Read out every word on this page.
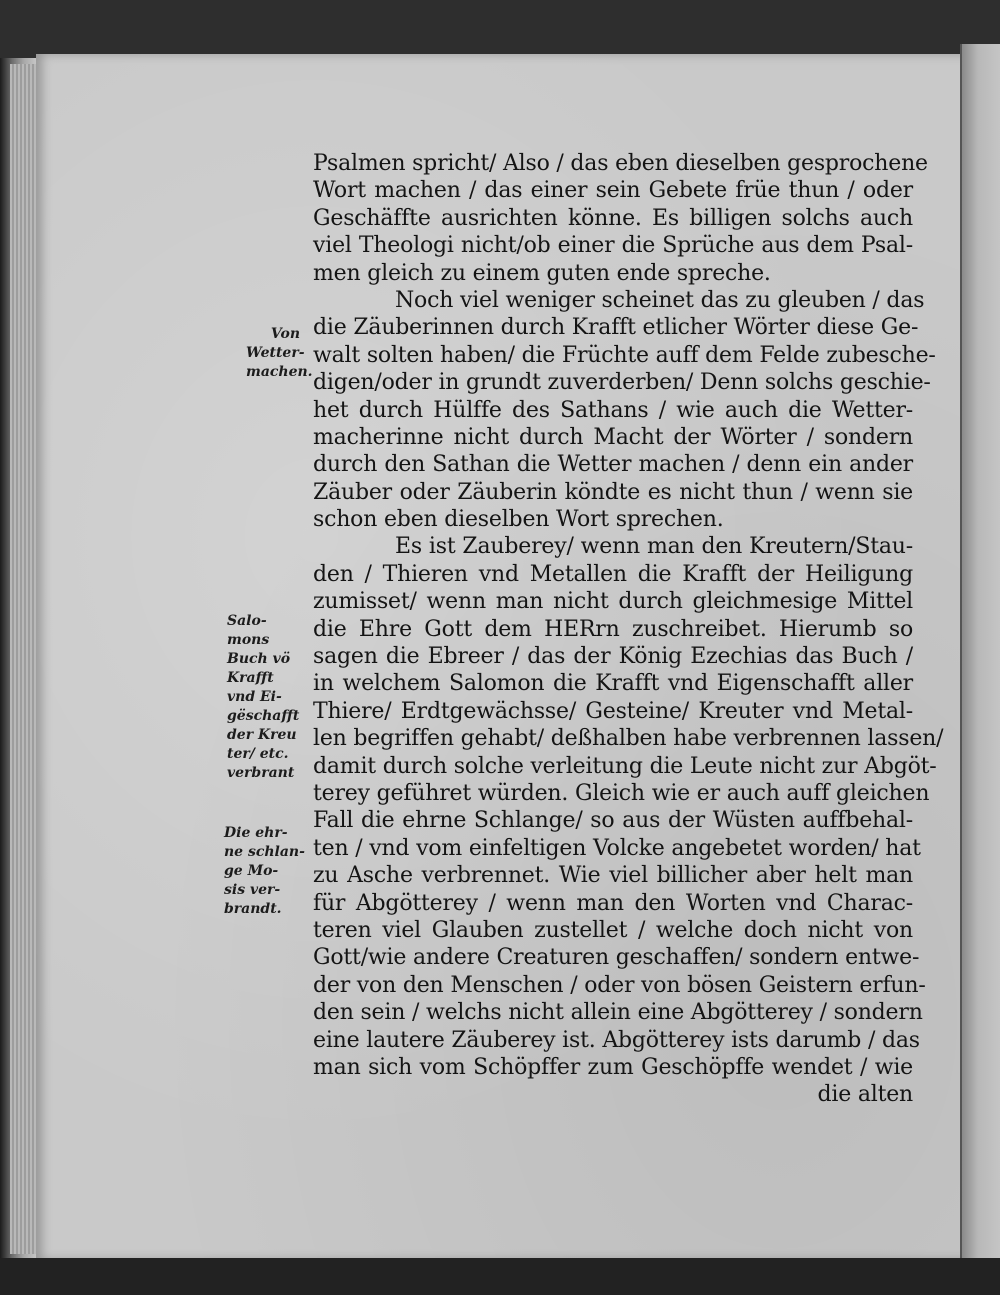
Von
Wetter-
machen.
Salo-
mons
Buch vö
Krafft
vnd Ei-
gëschafft
der Kreu
ter/ etc.
verbrant
Die ehr-
ne schlan-
ge Mo-
sis ver-
brandt.
Psalmen spricht/ Also / das eben dieselben gesprochene
Wort machen / das einer sein Gebete früe thun / oder
Geschäffte ausrichten könne. Es billigen solchs auch
viel Theologi nicht/ob einer die Sprüche aus dem Psal-
men gleich zu einem guten ende spreche.
Noch viel weniger scheinet das zu gleuben / das
die Zäuberinnen durch Krafft etlicher Wörter diese Ge-
walt solten haben/ die Früchte auff dem Felde zubesche-
digen/oder in grundt zuverderben/ Denn solchs geschie-
het durch Hülffe des Sathans / wie auch die Wetter-
macherinne nicht durch Macht der Wörter / sondern
durch den Sathan die Wetter machen / denn ein ander
Zäuber oder Zäuberin köndte es nicht thun / wenn sie
schon eben dieselben Wort sprechen.
Es ist Zauberey/ wenn man den Kreutern/Stau-
den / Thieren vnd Metallen die Krafft der Heiligung
zumisset/ wenn man nicht durch gleichmesige Mittel
die Ehre Gott dem HERrn zuschreibet. Hierumb so
sagen die Ebreer / das der König Ezechias das Buch /
in welchem Salomon die Krafft vnd Eigenschafft aller
Thiere/ Erdtgewächsse/ Gesteine/ Kreuter vnd Metal-
len begriffen gehabt/ deßhalben habe verbrennen lassen/
damit durch solche verleitung die Leute nicht zur Abgöt-
terey geführet würden. Gleich wie er auch auff gleichen
Fall die ehrne Schlange/ so aus der Wüsten auffbehal-
ten / vnd vom einfeltigen Volcke angebetet worden/ hat
zu Asche verbrennet. Wie viel billicher aber helt man
für Abgötterey / wenn man den Worten vnd Charac-
teren viel Glauben zustellet / welche doch nicht von
Gott/wie andere Creaturen geschaffen/ sondern entwe-
der von den Menschen / oder von bösen Geistern erfun-
den sein / welchs nicht allein eine Abgötterey / sondern
eine lautere Zäuberey ist. Abgötterey ists darumb / das
man sich vom Schöpffer zum Geschöpffe wendet / wie
die alten
